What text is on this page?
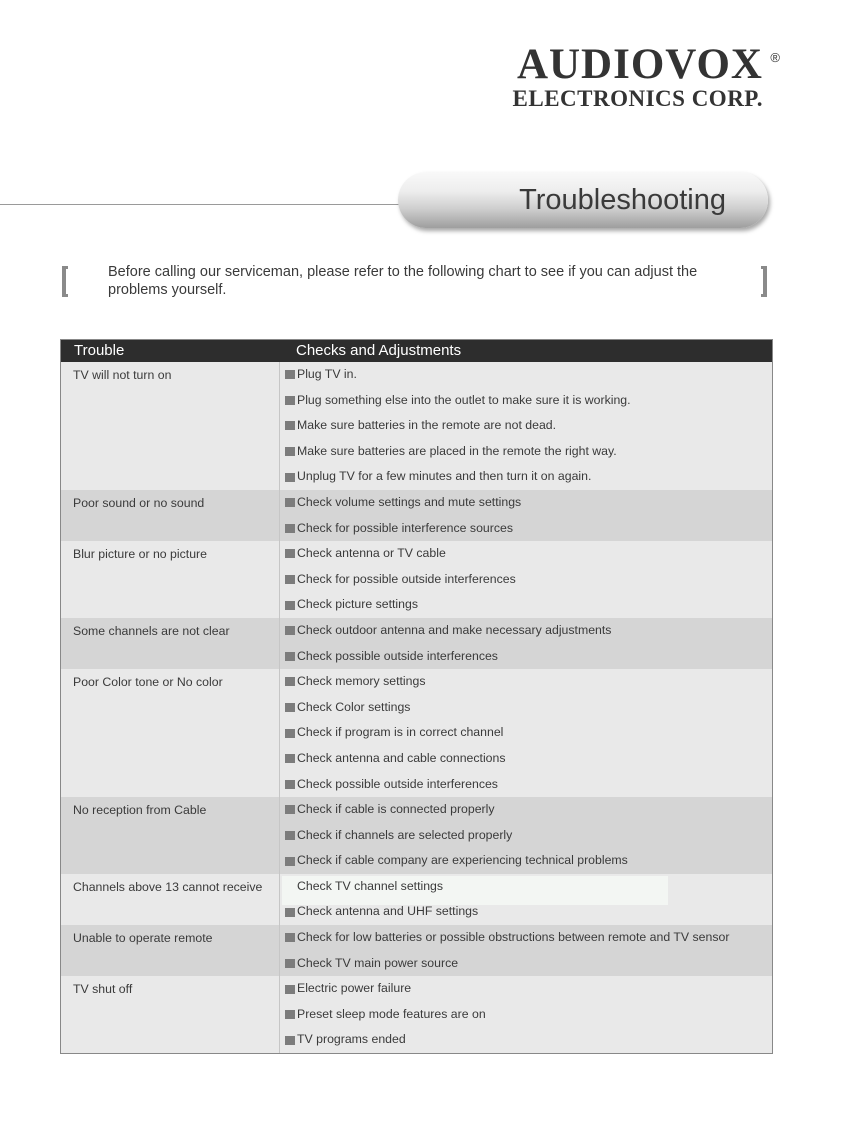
AUDIOVOX ®
ELECTRONICS CORP.
Troubleshooting
Before calling our serviceman, please refer to the following chart to see if you can adjust the problems yourself.
Trouble	Checks and Adjustments
TV will not turn on	Plug TV in.
Plug something else into the outlet to make sure it is working.
Make sure batteries in the remote are not dead.
Make sure batteries are placed in the remote the right way.
Unplug TV for a few minutes and then turn it on again.
Poor sound or no sound	Check volume settings and mute settings
Check for possible interference sources
Blur picture or no picture	Check antenna or TV cable
Check for possible outside interferences
Check picture settings
Some channels are not clear	Check outdoor antenna and make necessary adjustments
Check possible outside interferences
Poor Color tone or No color	Check memory settings
Check Color settings
Check if program is in correct channel
Check antenna and cable connections
Check possible outside interferences
No reception from Cable	Check if cable is connected properly
Check if channels are selected properly
Check if cable company are experiencing technical problems
Channels above 13 cannot receive	Check TV channel settings
Check antenna and UHF settings
Unable to operate remote	Check for low batteries or possible obstructions between remote and TV sensor
Check TV main power source
TV shut off	Electric power failure
Preset sleep mode features are on
TV programs ended
